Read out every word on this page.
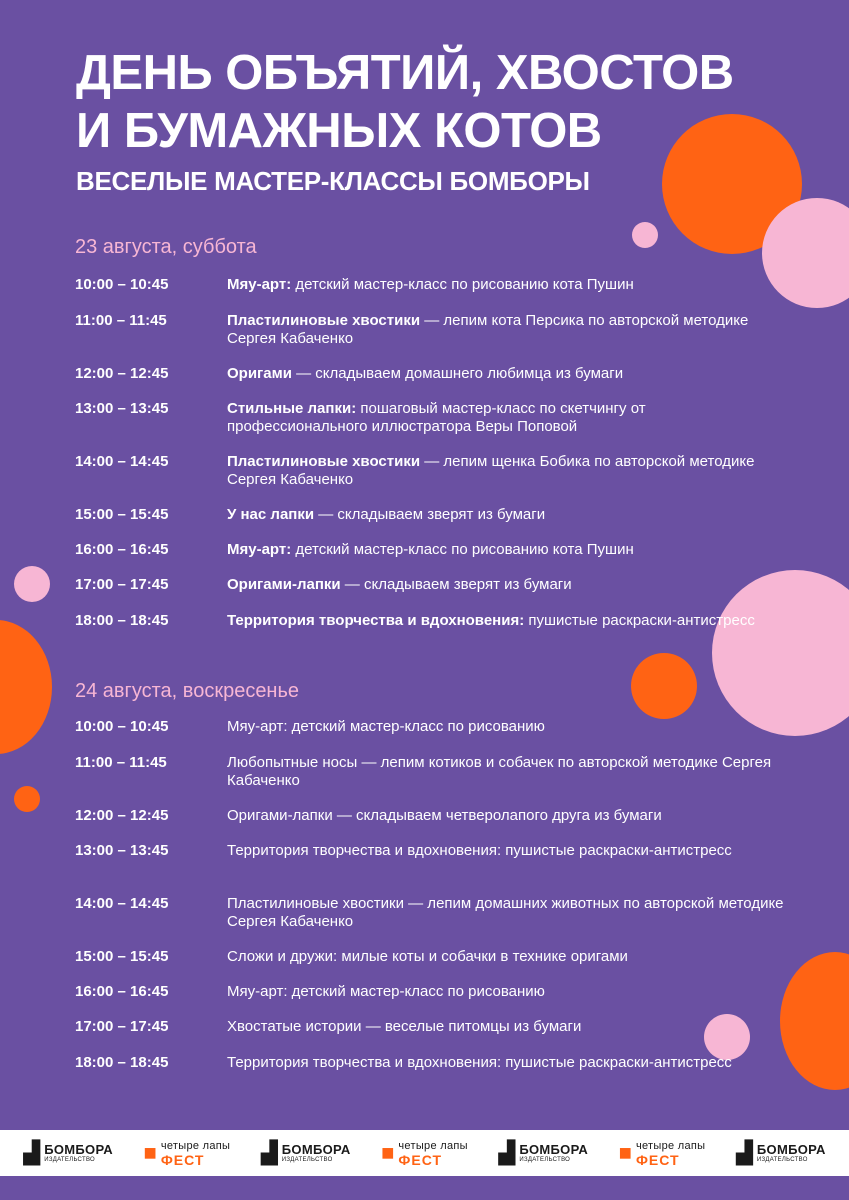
ДЕНЬ ОБЪЯТИЙ, ХВОСТОВ
И БУМАЖНЫХ КОТОВ
ВЕСЕЛЫЕ МАСТЕР-КЛАССЫ БОМБОРЫ
23 августа, суббота
10:00 – 10:45	Мяу-арт: детский мастер-класс по рисованию кота Пушин
11:00 – 11:45	Пластилиновые хвостики — лепим кота Персика по авторской методике Сергея Кабаченко
12:00 – 12:45	Оригами — складываем домашнего любимца из бумаги
13:00 – 13:45	Стильные лапки: пошаговый мастер-класс по скетчингу от профессионального иллюстратора Веры Поповой
14:00 – 14:45	Пластилиновые хвостики — лепим щенка Бобика по авторской методике Сергея Кабаченко
15:00 – 15:45	У нас лапки — складываем зверят из бумаги
16:00 – 16:45	Мяу-арт: детский мастер-класс по рисованию кота Пушин
17:00 – 17:45	Оригами-лапки — складываем зверят из бумаги
18:00 – 18:45	Территория творчества и вдохновения: пушистые раскраски-антистресс
24 августа, воскресенье
10:00 – 10:45	Мяу-арт: детский мастер-класс по рисованию
11:00 – 11:45	Любопытные носы — лепим котиков и собачек по авторской методике Сергея Кабаченко
12:00 – 12:45	Оригами-лапки — складываем четверолапого друга из бумаги
13:00 – 13:45	Территория творчества и вдохновения: пушистые раскраски-антистресс
14:00 – 14:45	Пластилиновые хвостики — лепим домашних животных по авторской методике Сергея Кабаченко
15:00 – 15:45	Сложи и дружи: милые коты и собачки в технике оригами
16:00 – 16:45	Мяу-арт: детский мастер-класс по рисованию
17:00 – 17:45	Хвостатые истории — веселые питомцы из бумаги
18:00 – 18:45	Территория творчества и вдохновения: пушистые раскраски-антистресс
▟ БОМБОРА
ИЗДАТЕЛЬСТВО	■ четыре лапы
ФЕСТ	▟ БОМБОРА
ИЗДАТЕЛЬСТВО	■ четыре лапы
ФЕСТ	▟ БОМБОРА
ИЗДАТЕЛЬСТВО	■ четыре лапы
ФЕСТ	▟ БОМБОРА
ИЗДАТЕЛЬСТВО
